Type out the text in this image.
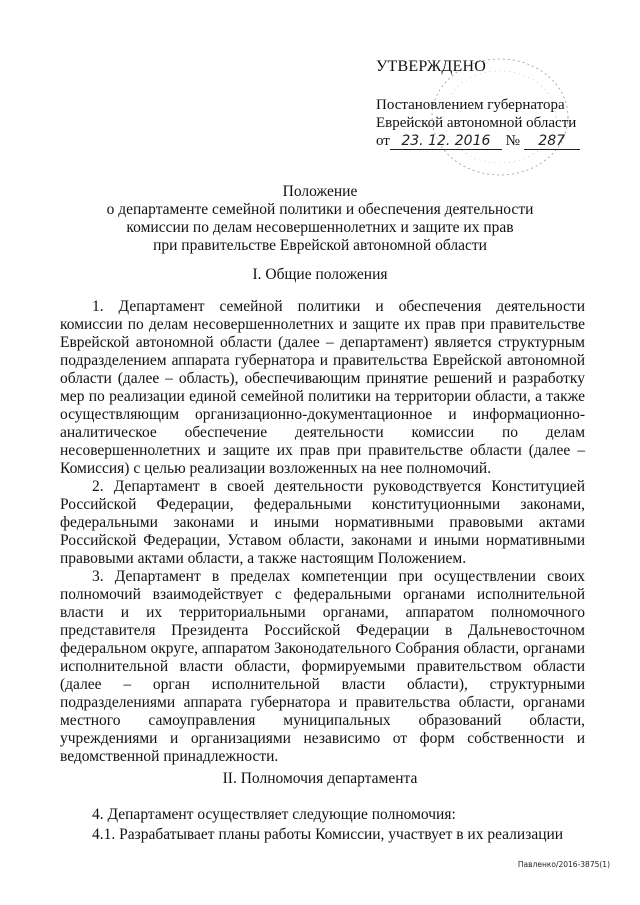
УТВЕРЖДЕНО
Постановлением губернатора
Еврейской автономной области
от 23. 12. 2016 № 287
Положение
о департаменте семейной политики и обеспечения деятельности
комиссии по делам несовершеннолетних и защите их прав
при правительстве Еврейской автономной области
I. Общие положения
1. Департамент семейной политики и обеспечения деятельности комиссии по делам несовершеннолетних и защите их прав при правительстве Еврейской автономной области (далее – департамент) является структурным подразделением аппарата губернатора и правительства Еврейской автономной области (далее – область), обеспечивающим принятие решений и разработку мер по реализации единой семейной политики на территории области, а также осуществляющим организационно-документационное и информационно-аналитическое обеспечение деятельности комиссии по делам несовершеннолетних и защите их прав при правительстве области (далее – Комиссия) с целью реализации возложенных на нее полномочий.
2. Департамент в своей деятельности руководствуется Конституцией Российской Федерации, федеральными конституционными законами, федеральными законами и иными нормативными правовыми актами Российской Федерации, Уставом области, законами и иными нормативными правовыми актами области, а также настоящим Положением.
3. Департамент в пределах компетенции при осуществлении своих полномочий взаимодействует с федеральными органами исполнительной власти и их территориальными органами, аппаратом полномочного представителя Президента Российской Федерации в Дальневосточном федеральном округе, аппаратом Законодательного Собрания области, органами исполнительной власти области, формируемыми правительством области (далее – орган исполнительной власти области), структурными подразделениями аппарата губернатора и правительства области, органами местного самоуправления муниципальных образований области, учреждениями и организациями независимо от форм собственности и ведомственной принадлежности.
II. Полномочия департамента
4. Департамент осуществляет следующие полномочия:
4.1. Разрабатывает планы работы Комиссии, участвует в их реализации
Павленко/2016-3875(1)
